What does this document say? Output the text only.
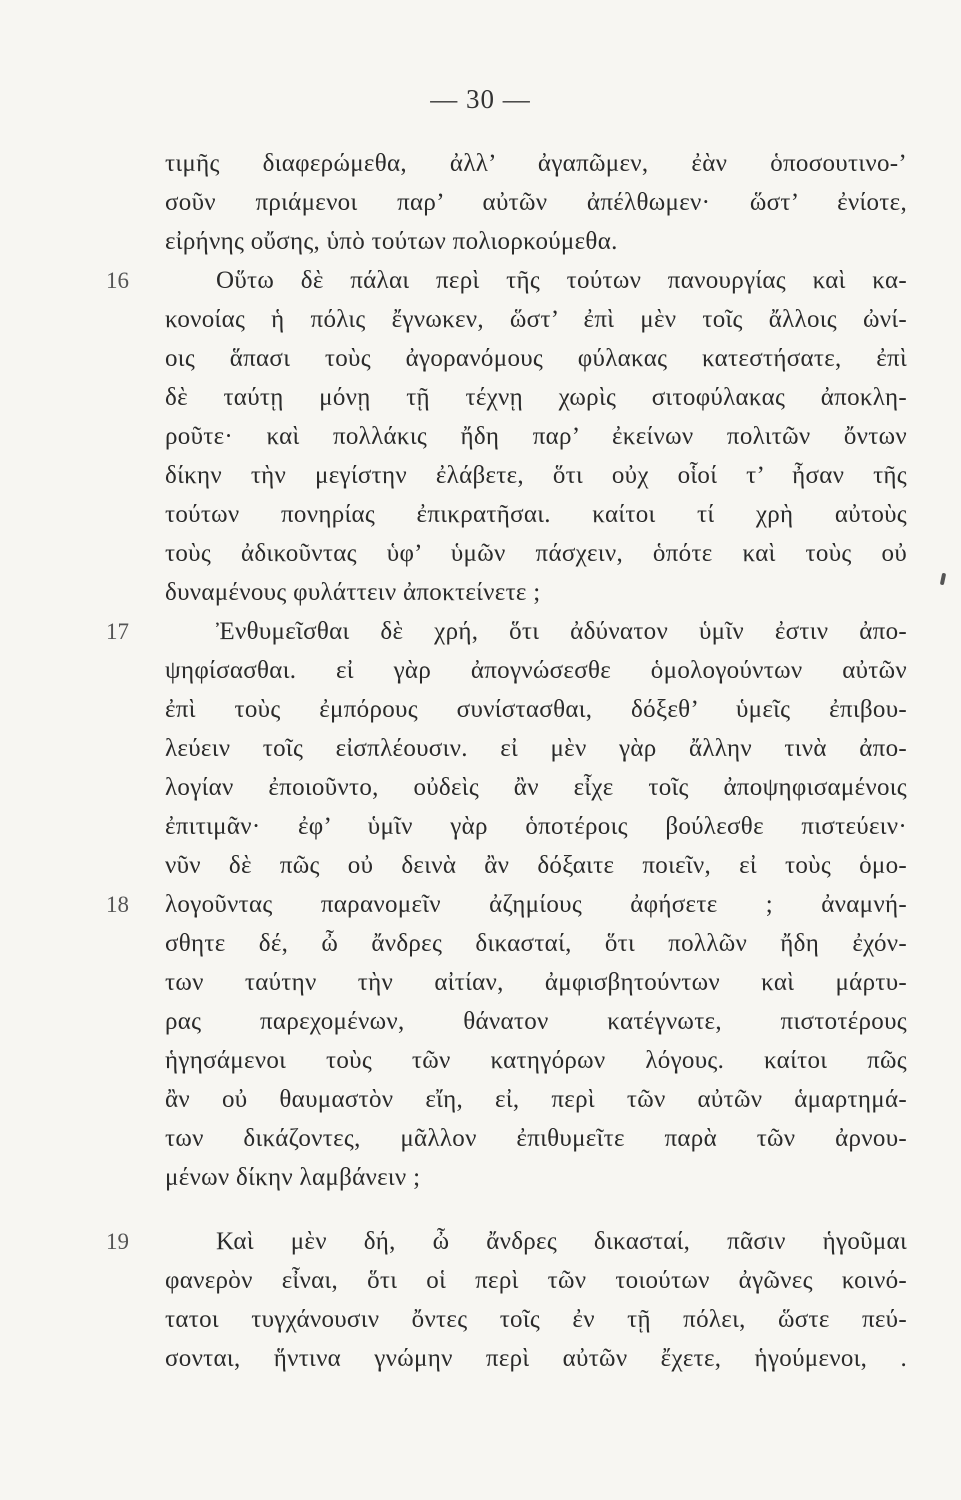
— 30 —
τιμῆς διαφερώμεθα, ἀλλ’ ἀγαπῶμεν, ἐὰν ὁποσουτινο-’
σοῦν πριάμενοι παρ’ αὐτῶν ἀπέλθωμεν· ὥστ’ ἐνίοτε,
εἰρήνης οὔσης, ὑπὸ τούτων πολιορκούμεθα.
16	Οὕτω δὲ πάλαι περὶ τῆς τούτων πανουργίας καὶ κα-
κονοίας ἡ πόλις ἔγνωκεν, ὥστ’ ἐπὶ μὲν τοῖς ἄλλοις ὠνί-
οις ἅπασι τοὺς ἀγορανόμους φύλακας κατεστήσατε, ἐπὶ
δὲ ταύτῃ μόνῃ τῇ τέχνῃ χωρὶς σιτοφύλακας ἀποκλη-
ροῦτε· καὶ πολλάκις ἤδη παρ’ ἐκείνων πολιτῶν ὄντων
δίκην τὴν μεγίστην ἐλάβετε, ὅτι οὐχ οἷοί τ’ ἦσαν τῆς
τούτων πονηρίας ἐπικρατῆσαι. καίτοι τί χρὴ αὐτοὺς
τοὺς ἀδικοῦντας ὑφ’ ὑμῶν πάσχειν, ὁπότε καὶ τοὺς οὐ
δυναμένους φυλάττειν ἀποκτείνετε ;
17	Ἐνθυμεῖσθαι δὲ χρή, ὅτι ἀδύνατον ὑμῖν ἐστιν ἀπο-
ψηφίσασθαι. εἰ γὰρ ἀπογνώσεσθε ὁμολογούντων αὐτῶν
ἐπὶ τοὺς ἐμπόρους συνίστασθαι, δόξεθ’ ὑμεῖς ἐπιβου-
λεύειν τοῖς εἰσπλέουσιν. εἰ μὲν γὰρ ἄλλην τινὰ ἀπο-
λογίαν ἐποιοῦντο, οὐδεὶς ἂν εἶχε τοῖς ἀποψηφισαμένοις
ἐπιτιμᾶν· ἐφ’ ὑμῖν γὰρ ὁποτέροις βούλεσθε πιστεύειν·
νῦν δὲ πῶς οὐ δεινὰ ἂν δόξαιτε ποιεῖν, εἰ τοὺς ὁμο-
18	λογοῦντας παρανομεῖν ἀζημίους ἀφήσετε ; ἀναμνή-
σθητε δέ, ὦ ἄνδρες δικασταί, ὅτι πολλῶν ἤδη ἐχόν-
των ταύτην τὴν αἰτίαν, ἀμφισβητούντων καὶ μάρτυ-
ρας παρεχομένων, θάνατον κατέγνωτε, πιστοτέρους
ἡγησάμενοι τοὺς τῶν κατηγόρων λόγους. καίτοι πῶς
ἂν οὐ θαυμαστὸν εἴη, εἰ, περὶ τῶν αὐτῶν ἁμαρτημά-
των δικάζοντες, μᾶλλον ἐπιθυμεῖτε παρὰ τῶν ἀρνου-
μένων δίκην λαμβάνειν ;
19	Καὶ μὲν δή, ὦ ἄνδρες δικασταί, πᾶσιν ἡγοῦμαι
φανερὸν εἶναι, ὅτι οἱ περὶ τῶν τοιούτων ἀγῶνες κοινό-
τατοι τυγχάνουσιν ὄντες τοῖς ἐν τῇ πόλει, ὥστε πεύ-
σονται, ἥντινα γνώμην περὶ αὐτῶν ἔχετε, ἡγούμενοι, .
